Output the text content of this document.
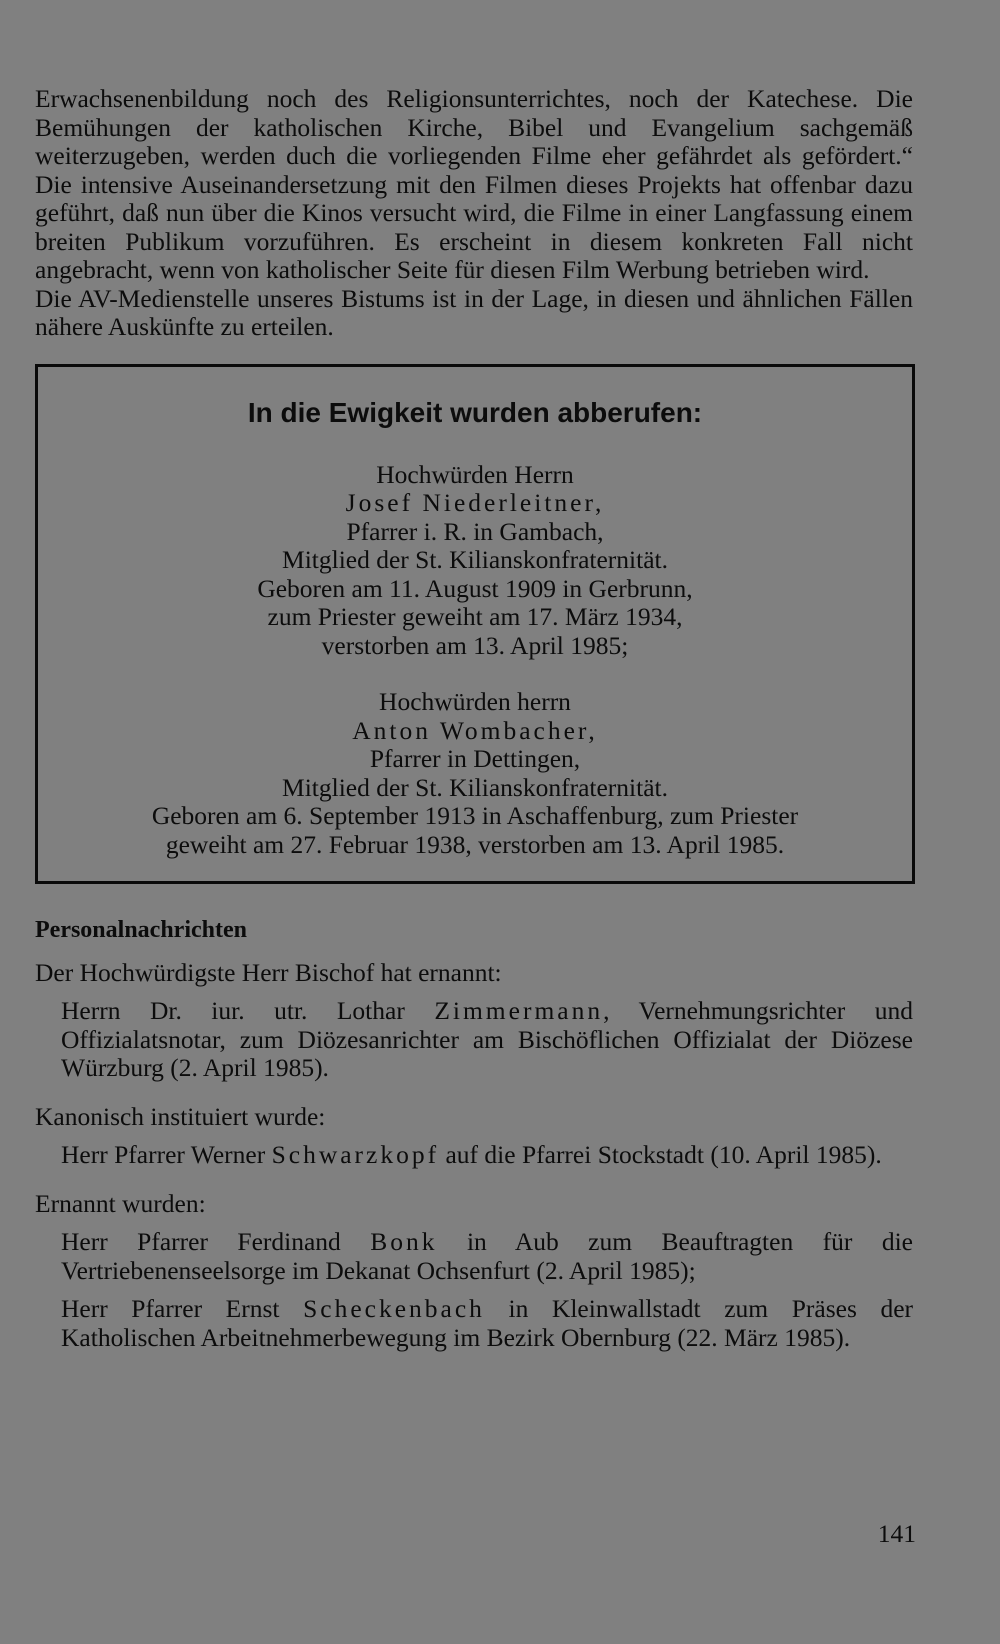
Erwachsenenbildung noch des Religionsunterrichtes, noch der Katechese. Die Bemühungen der katholischen Kirche, Bibel und Evangelium sachgemäß weiterzugeben, werden duch die vorliegenden Filme eher gefährdet als gefördert.“ Die intensive Auseinandersetzung mit den Filmen dieses Projekts hat offenbar dazu geführt, daß nun über die Kinos versucht wird, die Filme in einer Langfassung einem breiten Publikum vorzuführen. Es erscheint in diesem konkreten Fall nicht angebracht, wenn von katholischer Seite für diesen Film Werbung betrieben wird.

Die AV-Medienstelle unseres Bistums ist in der Lage, in diesen und ähnlichen Fällen nähere Auskünfte zu erteilen.

In die Ewigkeit wurden abberufen:
Hochwürden Herrn
Josef Niederleitner,
Pfarrer i. R. in Gambach,
Mitglied der St. Kilianskonfraternität.
Geboren am 11. August 1909 in Gerbrunn,
zum Priester geweiht am 17. März 1934,
verstorben am 13. April 1985;
Hochwürden herrn
Anton Wombacher,
Pfarrer in Dettingen,
Mitglied der St. Kilianskonfraternität.
Geboren am 6. September 1913 in Aschaffenburg, zum Priester
geweiht am 27. Februar 1938, verstorben am 13. April 1985.
Personalnachrichten

Der Hochwürdigste Herr Bischof hat ernannt:

Herrn Dr. iur. utr. Lothar Zimmermann, Vernehmungsrichter und Offizialatsnotar, zum Diözesanrichter am Bischöflichen Offizialat der Diözese Würzburg (2. April 1985).

Kanonisch instituiert wurde:

Herr Pfarrer Werner Schwarzkopf auf die Pfarrei Stockstadt (10. April 1985).

Ernannt wurden:

Herr Pfarrer Ferdinand Bonk in Aub zum Beauftragten für die Vertriebenenseelsorge im Dekanat Ochsenfurt (2. April 1985);

Herr Pfarrer Ernst Scheckenbach in Kleinwallstadt zum Präses der Katholischen Arbeitnehmerbewegung im Bezirk Obernburg (22. März 1985).

141
